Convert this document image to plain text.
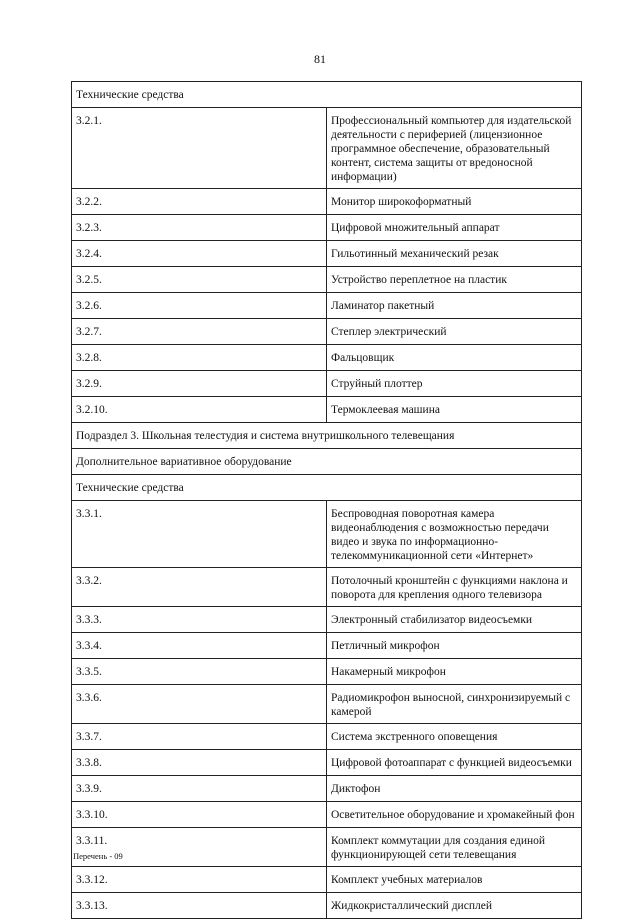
81
Технические средства	
3.2.1.	Профессиональный компьютер для издательской деятельности с периферией (лицензионное программное обеспечение, образовательный контент, система защиты от вредоносной информации)
3.2.2.	Монитор широкоформатный
3.2.3.	Цифровой множительный аппарат
3.2.4.	Гильотинный механический резак
3.2.5.	Устройство переплетное на пластик
3.2.6.	Ламинатор пакетный
3.2.7.	Степлер электрический
3.2.8.	Фальцовщик
3.2.9.	Струйный плоттер
3.2.10.	Термоклеевая машина
Подраздел 3. Школьная телестудия и система внутришкольного телевещания	
Дополнительное вариативное оборудование	
Технические средства	
3.3.1.	Беспроводная поворотная камера видеонаблюдения с возможностью передачи видео и звука по информационно-телекоммуникационной сети «Интернет»
3.3.2.	Потолочный кронштейн с функциями наклона и поворота для крепления одного телевизора
3.3.3.	Электронный стабилизатор видеосъемки
3.3.4.	Петличный микрофон
3.3.5.	Накамерный микрофон
3.3.6.	Радиомикрофон выносной, синхронизируемый с камерой
3.3.7.	Система экстренного оповещения
3.3.8.	Цифровой фотоаппарат с функцией видеосъемки
3.3.9.	Диктофон
3.3.10.	Осветительное оборудование и хромакейный фон
3.3.11.	Комплект коммутации для создания единой функционирующей сети телевещания
3.3.12.	Комплект учебных материалов
3.3.13.	Жидкокристаллический дисплей
Перечень - 09
